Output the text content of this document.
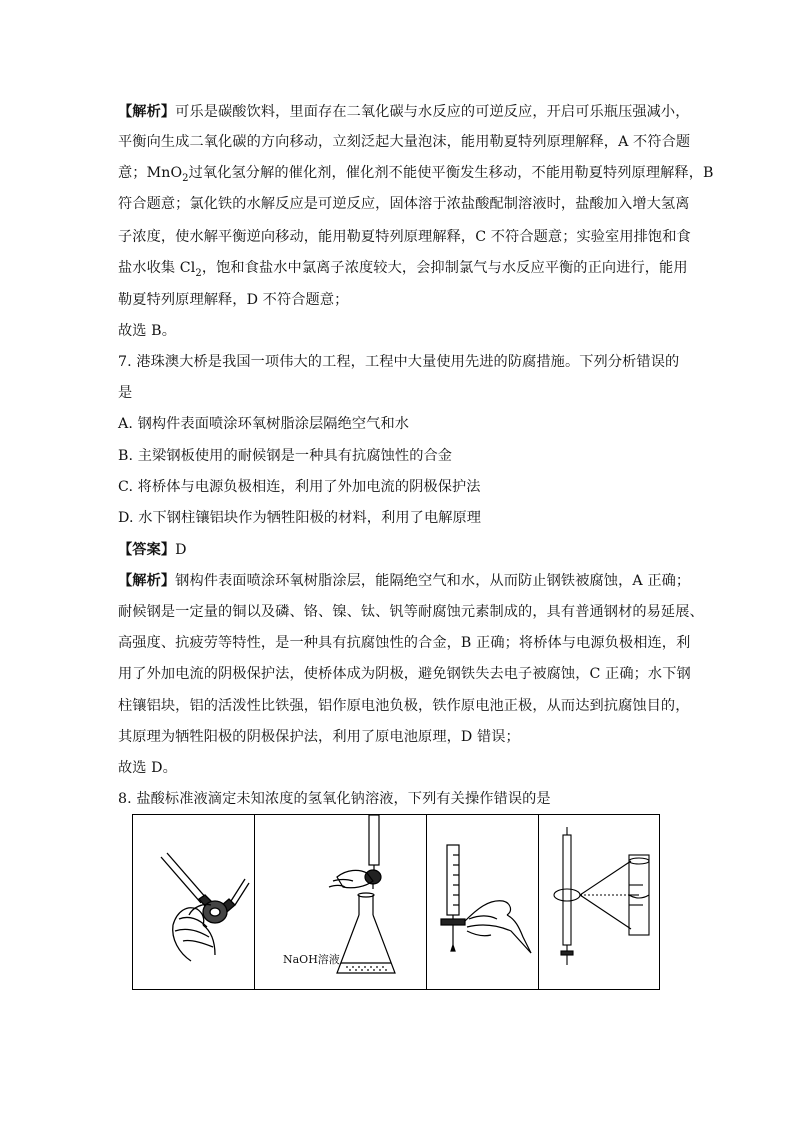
【解析】可乐是碳酸饮料，里面存在二氧化碳与水反应的可逆反应，开启可乐瓶压强减小，
平衡向生成二氧化碳的方向移动，立刻泛起大量泡沫，能用勒夏特列原理解释，A 不符合题
意；MnO$_2$过氧化氢分解的催化剂，催化剂不能使平衡发生移动，不能用勒夏特列原理解释，B
符合题意；氯化铁的水解反应是可逆反应，固体溶于浓盐酸配制溶液时，盐酸加入增大氢离
子浓度，使水解平衡逆向移动，能用勒夏特列原理解释，C 不符合题意；实验室用排饱和食
盐水收集 $Cl_2$，饱和食盐水中氯离子浓度较大，会抑制氯气与水反应平衡的正向进行，能用
勒夏特列原理解释，D 不符合题意；
故选 B。
7. 港珠澳大桥是我国一项伟大的工程，工程中大量使用先进的防腐措施。下列分析错误的
是
A. 钢构件表面喷涂环氧树脂涂层隔绝空气和水
B. 主梁钢板使用的耐候钢是一种具有抗腐蚀性的合金
C. 将桥体与电源负极相连，利用了外加电流的阴极保护法
D. 水下钢柱镶铝块作为牺牲阳极的材料，利用了电解原理
【答案】D
【解析】钢构件表面喷涂环氧树脂涂层，能隔绝空气和水，从而防止钢铁被腐蚀，A 正确；
耐候钢是一定量的铜以及磷、铬、镍、钛、钒等耐腐蚀元素制成的，具有普通钢材的易延展、
高强度、抗疲劳等特性，是一种具有抗腐蚀性的合金，B 正确；将桥体与电源负极相连，利
用了外加电流的阴极保护法，使桥体成为阴极，避免钢铁失去电子被腐蚀，C 正确；水下钢
柱镶铝块，铝的活泼性比铁强，铝作原电池负极，铁作原电池正极，从而达到抗腐蚀目的，
其原理为牺牲阳极的阴极保护法，利用了原电池原理，D 错误；
故选 D。
8. 盐酸标准液滴定未知浓度的氢氧化钠溶液，下列有关操作错误的是
NaOH溶液
